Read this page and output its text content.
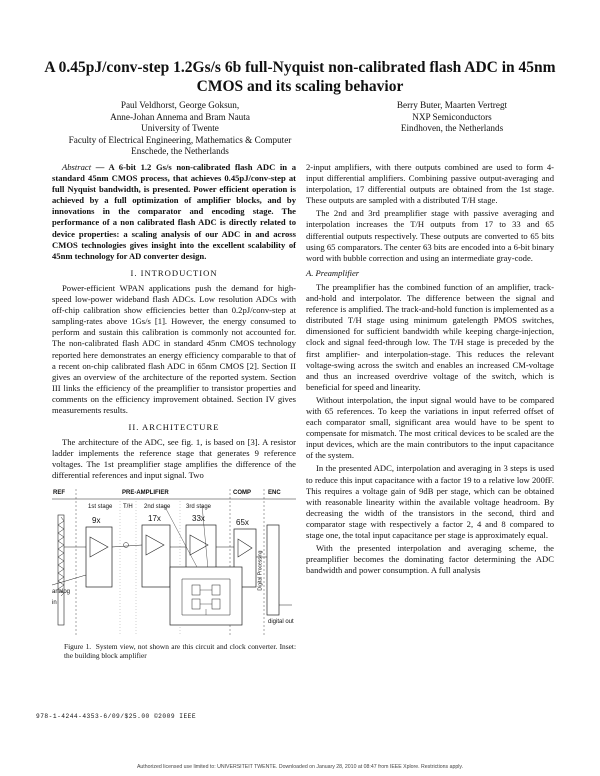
A 0.45pJ/conv-step 1.2Gs/s 6b full-Nyquist non-calibrated flash ADC in 45nm CMOS and its scaling behavior
Paul Veldhorst, George Goksun,
Anne-Johan Annema and Bram Nauta
University of Twente
Faculty of Electrical Engineering, Mathematics & Computer
Enschede, the Netherlands
Berry Buter, Maarten Vertregt
NXP Semiconductors
Eindhoven, the Netherlands

Abstract — A 6-bit 1.2 Gs/s non-calibrated flash ADC in a standard 45nm CMOS process, that achieves 0.45pJ/conv-step at full Nyquist bandwidth, is presented. Power efficient operation is achieved by a full optimization of amplifier blocks, and by innovations in the comparator and encoding stage. The performance of a non calibrated flash ADC is directly related to device properties: a scaling analysis of our ADC in and across CMOS technologies gives insight into the excellent scalability of 45nm technology for AD converter design.

I. INTRODUCTION

Power-efficient WPAN applications push the demand for high-speed low-power wideband flash ADCs. Low resolution ADCs with off-chip calibration show efficiencies better than 0.2pJ/conv-step at sampling-rates above 1Gs/s [1]. However, the energy consumed to perform and sustain this calibration is commonly not accounted for. The non-calibrated flash ADC in standard 45nm CMOS technology reported here demonstrates an energy efficiency comparable to that of a recent on-chip calibrated flash ADC in 65nm CMOS [2]. Section II gives an overview of the architecture of the reported system. Section III links the efficiency of the preamplifier to transistor properties and comments on the efficiency improvement obtained. Section IV gives measurements results.

II. ARCHITECTURE

The architecture of the ADC, see fig. 1, is based on [3]. A resistor ladder implements the reference stage that generates 9 reference voltages. The 1st preamplifier stage amplifies the difference of the differential references and input signal. Two

REF	PRE-AMPLIFIER	COMP	ENC
1st stage T/H 2nd stage	3rd stage
9x	17x	33x	65x
analog in
digital out
Digital Processing
Figure 1.  System view, not shown are this circuit and clock converter. Inset: the building block amplifier

2-input amplifiers, with there outputs combined are used to form 4-input differential amplifiers. Combining passive output-averaging and interpolation, 17 differential outputs are obtained from the 1st stage. These outputs are sampled with a distributed T/H stage.

The 2nd and 3rd preamplifier stage with passive averaging and interpolation increases the T/H outputs from 17 to 33 and 65 differential outputs respectively. These outputs are converted to 65 bits using 65 comparators. The center 63 bits are encoded into a 6-bit binary word with bubble correction and using an intermediate gray-code.

A. Preamplifier

The preamplifier has the combined function of an amplifier, track-and-hold and interpolator. The difference between the signal and reference is amplified. The track-and-hold function is implemented as a distributed T/H stage using minimum gatelength PMOS switches, dimensioned for sufficient bandwidth while keeping charge-injection, clock and signal feed-through low. The T/H stage is preceded by the first amplifier- and interpolation-stage. This reduces the relevant voltage-swing across the switch and enables an increased CM-voltage and thus an increased overdrive voltage of the switch, which is beneficial for speed and linearity.

Without interpolation, the input signal would have to be compared with 65 references. To keep the variations in input referred offset of each comparator small, significant area would have to be spent to compensate for mismatch. The most critical devices to be scaled are the input devices, which are the main contributors to the input capacitance of the system.

In the presented ADC, interpolation and averaging in 3 steps is used to reduce this input capacitance with a factor 19 to a relative low 200fF. This requires a voltage gain of 9dB per stage, which can be obtained with reasonable linearity within the available voltage headroom. By decreasing the width of the transistors in the second, third and comparator stage with respectively a factor 2, 4 and 8 compared to stage one, the total input capacitance per stage is approximately equal.

With the presented interpolation and averaging scheme, the preamplifier becomes the dominating factor determining the ADC bandwidth and power consumption. A full analysis

978-1-4244-4353-6/09/$25.00 ©2009 IEEE
Authorized licensed use limited to: UNIVERSITEIT TWENTE. Downloaded on January 28, 2010 at 08:47 from IEEE Xplore. Restrictions apply.
